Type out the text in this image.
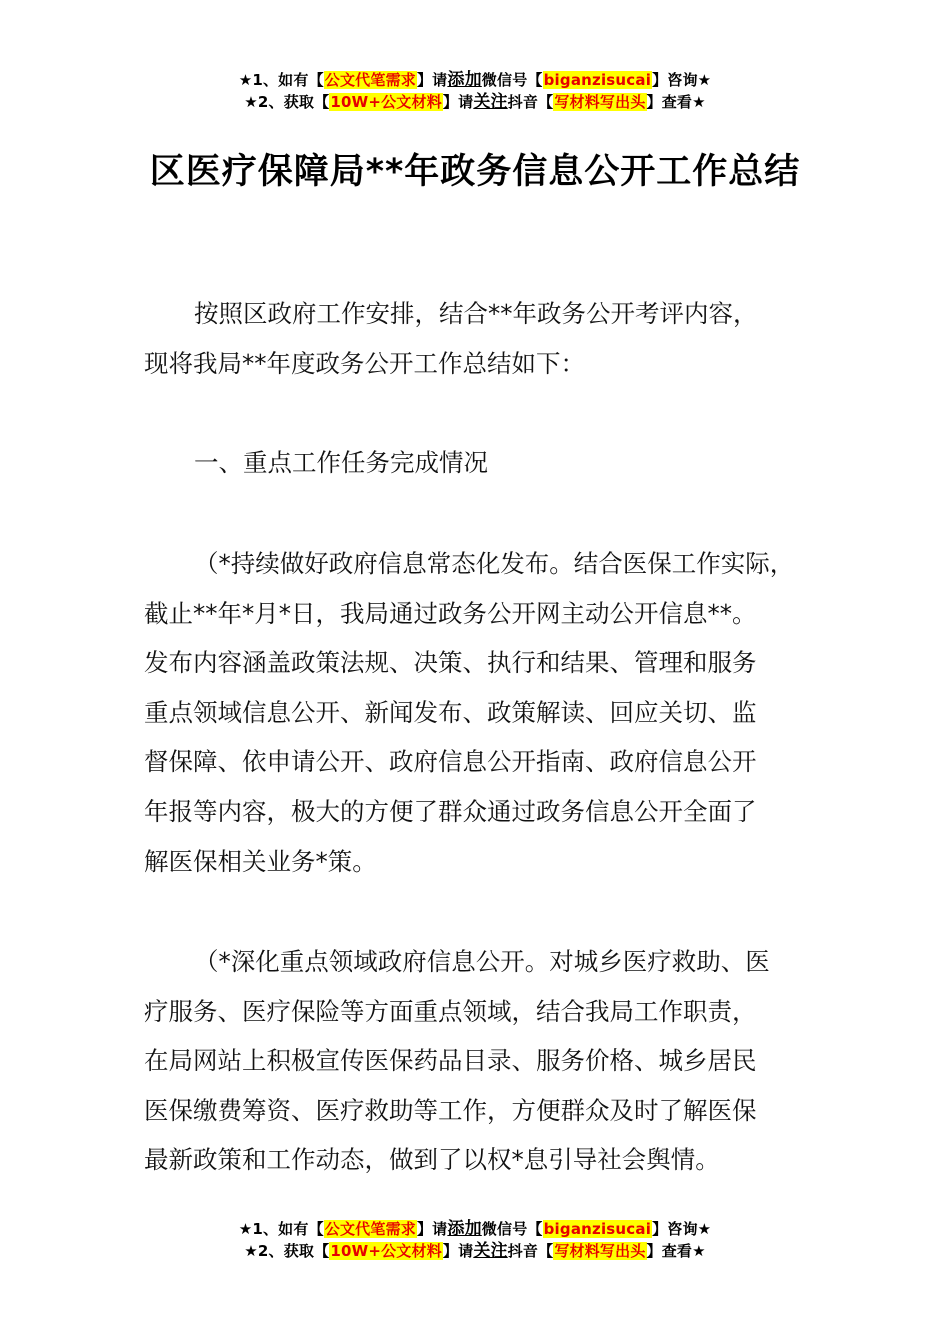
★1、如有【公文代笔需求】请添加微信号【biganzisucai】咨询★
★2、获取【10W+公文材料】请关注抖音【写材料写出头】查看★
区医疗保障局**年政务信息公开工作总结
按照区政府工作安排，结合**年政务公开考评内容，
现将我局**年度政务公开工作总结如下：
一、重点工作任务完成情况
（*持续做好政府信息常态化发布。结合医保工作实际，
截止**年*月*日，我局通过政务公开网主动公开信息**。
发布内容涵盖政策法规、决策、执行和结果、管理和服务
重点领域信息公开、新闻发布、政策解读、回应关切、监
督保障、依申请公开、政府信息公开指南、政府信息公开
年报等内容，极大的方便了群众通过政务信息公开全面了
解医保相关业务*策。
（*深化重点领域政府信息公开。对城乡医疗救助、医
疗服务、医疗保险等方面重点领域，结合我局工作职责，
在局网站上积极宣传医保药品目录、服务价格、城乡居民
医保缴费筹资、医疗救助等工作，方便群众及时了解医保
最新政策和工作动态，做到了以权*息引导社会舆情。
★1、如有【公文代笔需求】请添加微信号【biganzisucai】咨询★
★2、获取【10W+公文材料】请关注抖音【写材料写出头】查看★
